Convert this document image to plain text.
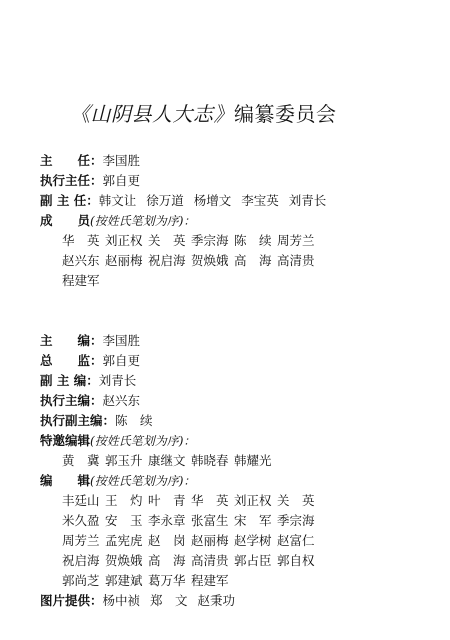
《山阴县人大志》编纂委员会
主　　任：李国胜
执行主任：郭自更
副 主 任：韩文让 徐万道 杨增文 李宝英 刘青长
成　　员(按姓氏笔划为序)：
华　英 刘正权 关　英 季宗海 陈　续 周芳兰
赵兴东 赵丽梅 祝启海 贺焕娥 高　海 高清贵
程建军
主　　编：李国胜
总　　监：郭自更
副 主 编：刘青长
执行主编：赵兴东
执行副主编：陈　续
特邀编辑(按姓氏笔划为序)：
黄　冀 郭玉升 康继文 韩晓春 韩耀光
编　　辑(按姓氏笔划为序)：
丰廷山 王　灼 叶　青 华　英 刘正权 关　英
米久盈 安　玉 李永章 张富生 宋　军 季宗海
周芳兰 孟宪虎 赵　岗 赵丽梅 赵学树 赵富仁
祝启海 贺焕娥 高　海 高清贵 郭占臣 郭自权
郭尚芝 郭建斌 葛万华 程建军
图片提供：杨中祯 郑　文 赵秉功
